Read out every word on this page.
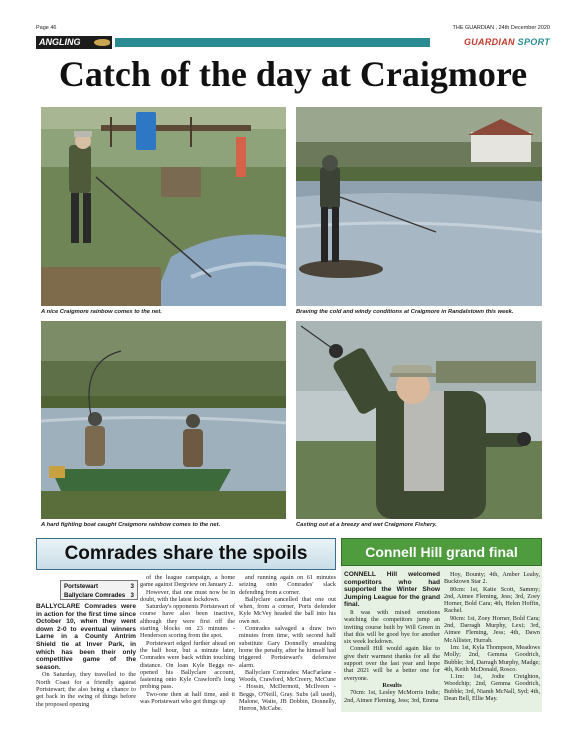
Page 46	THE GUARDIAN , 24th December 2020
ANGLING	GUARDIAN SPORT
Catch of the day at Craigmore
A nice Craigmore rainbow comes to the net.	Braving the cold and windy conditions at Craigmore in Randalstown this week.
A hard fighting boat caught Craigmore rainbow comes to the net.	Casting out at a breezy and wet Craigmore Fishery.
Comrades share the spoils
Portstewart	3
Ballyclare Comrades 3
BALLYCLARE Comrades were in action for the first time since October 10, when they went down 2-0 to eventual winners Larne in a County Antrim Shield tie at Inver Park, in which has been their only competitive game of the season.

On Saturday, they travelled to the North Coast for a friendly against Portstewart; the also being a chance to get back in the swing of things before the proposed opening

of the league campaign, a home game against Dergview on January 2.

However, that one must now be in doubt, with the latest lockdown.

Saturday's opponents Portstewart of course have also been inactive, although they were first off the starting blocks on 23 minutes - Henderson scoring from the spot.

Portstewart edged further ahead on the half hour, but a minute later, Comrades were back within touching distance. On loan Kyle Beggs re-opened his Ballyclare account, fastening onto Kyle Crawford's long probing pass.

Two-one then at half time, and it was Portstewart who got things up

and running again on 61 minutes seizing onto Comrades' slack defending from a corner.

Ballyclare cancelled that one out when, from a corner, Ports defender Kyle McVey headed the ball into his own net.

Comrades salvaged a draw two minutes from time, with second half substitute Gary Donnelly smashing home the penalty, after he himself had triggered Portstewart's defensive alarm.

Ballyclare Comrades: MacFarlane - Woods, Crawford, McCreery, McCune - Hossin, McDermott, McIlveen - Beggs, O'Neill, Gray. Subs (all used), Malone, Waite, JB Dobbin, Donnelly, Herron, McCabe.

Connell Hill grand final
CONNELL Hill welcomed competitors who had supported the Winter Show Jumping League for the grand final.

It was with mixed emotions watching the competitors jump an inviting course built by Will Green in that this will be good bye for another six week lockdown.

Connell Hill would again like to give their warmest thanks for all the support over the last year and hope that 2021 will be a better one for everyone.

Results

70cm: 1st, Lesley McMorris Indie; 2nd, Aimee Fleming, Jess; 3rd, Emma

Hoy, Bounty; 4th, Amber Leahy, Bucktown Star 2.

80cm: 1st, Katie Scott, Sammy; 2nd, Aimee Fleming, Jess; 3rd, Zoey Horner, Bold Cara; 4th, Helen Hoffin, Rachel.

90cm: 1st, Zoey Horner, Bold Cara; 2nd, Darragh Murphy, Lexi; 3rd, Aimee Fleming, Jess; 4th, Dawn McAllister, Hurrah.

1m: 1st, Kyla Thompson, Meadows Molly; 2nd, Gemma Goodrich, Bubble; 3rd, Darragh Murphy, Madge; 4th, Keith McDonald, Rosco.

1.1m: 1st, Jodie Creighton, Woodchip; 2nd, Gemma Goodrich, Bubble; 3rd, Niamh McNall, Syd; 4th, Dean Bell, Ellie May.
